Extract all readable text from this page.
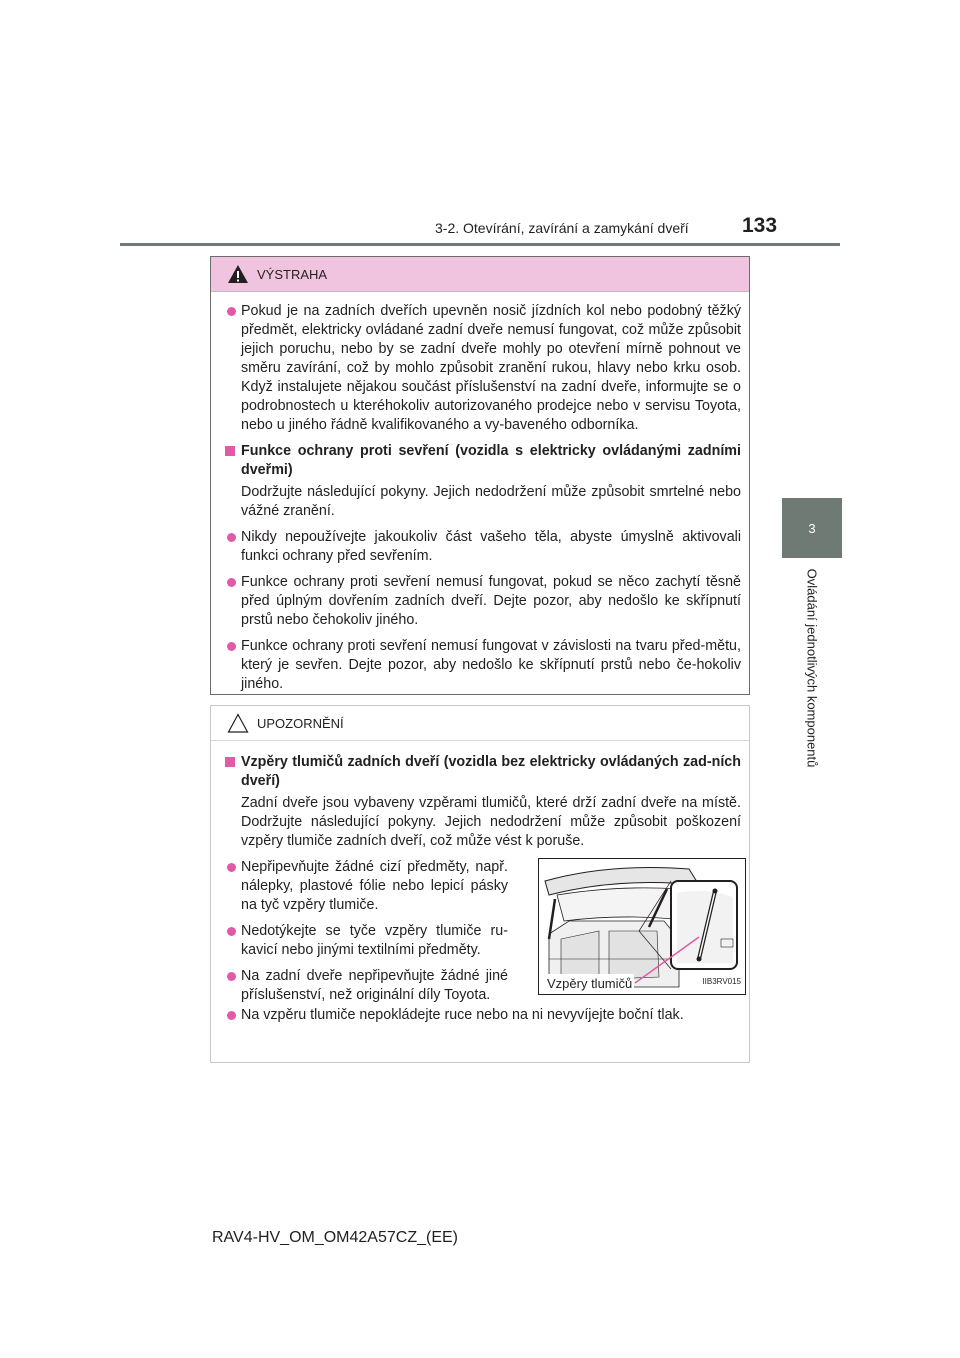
3-2. Otevírání, zavírání a zamykání dveří	133
3
Ovládání jednotlivých komponentů
VÝSTRAHA
Pokud je na zadních dveřích upevněn nosič jízdních kol nebo podobný těžký předmět, elektricky ovládané zadní dveře nemusí fungovat, což může způsobit jejich poruchu, nebo by se zadní dveře mohly po otevření mírně pohnout ve směru zavírání, což by mohlo způsobit zranění rukou, hlavy nebo krku osob. Když instalujete nějakou součást příslušenství na zadní dveře, informujte se o podrobnostech u kteréhokoliv autorizovaného prodejce nebo v servisu Toyota, nebo u jiného řádně kvalifikovaného a vy-baveného odborníka.
Funkce ochrany proti sevření (vozidla s elektricky ovládanými zadními dveřmi)
Dodržujte následující pokyny. Jejich nedodržení může způsobit smrtelné nebo vážné zranění.
Nikdy nepoužívejte jakoukoliv část vašeho těla, abyste úmyslně aktivovali funkci ochrany před sevřením.
Funkce ochrany proti sevření nemusí fungovat, pokud se něco zachytí těsně před úplným dovřením zadních dveří. Dejte pozor, aby nedošlo ke skřípnutí prstů nebo čehokoliv jiného.
Funkce ochrany proti sevření nemusí fungovat v závislosti na tvaru před-mětu, který je sevřen. Dejte pozor, aby nedošlo ke skřípnutí prstů nebo če-hokoliv jiného.
UPOZORNĚNÍ
Vzpěry tlumičů zadních dveří (vozidla bez elektricky ovládaných zad-ních dveří)
Zadní dveře jsou vybaveny vzpěrami tlumičů, které drží zadní dveře na místě. Dodržujte následující pokyny. Jejich nedodržení může způsobit poškození vzpěry tlumiče zadních dveří, což může vést k poruše.
Nepřipevňujte žádné cizí předměty, např. nálepky, plastové fólie nebo lepicí pásky na tyč vzpěry tlumiče.
Nedotýkejte se tyče vzpěry tlumiče ru-kavicí nebo jinými textilními předměty.
Na zadní dveře nepřipevňujte žádné jiné příslušenství, než originální díly Toyota.
Vzpěry tlumičů	IIB3RV015
Na vzpěru tlumiče nepokládejte ruce nebo na ni nevyvíjejte boční tlak.
RAV4-HV_OM_OM42A57CZ_(EE)
